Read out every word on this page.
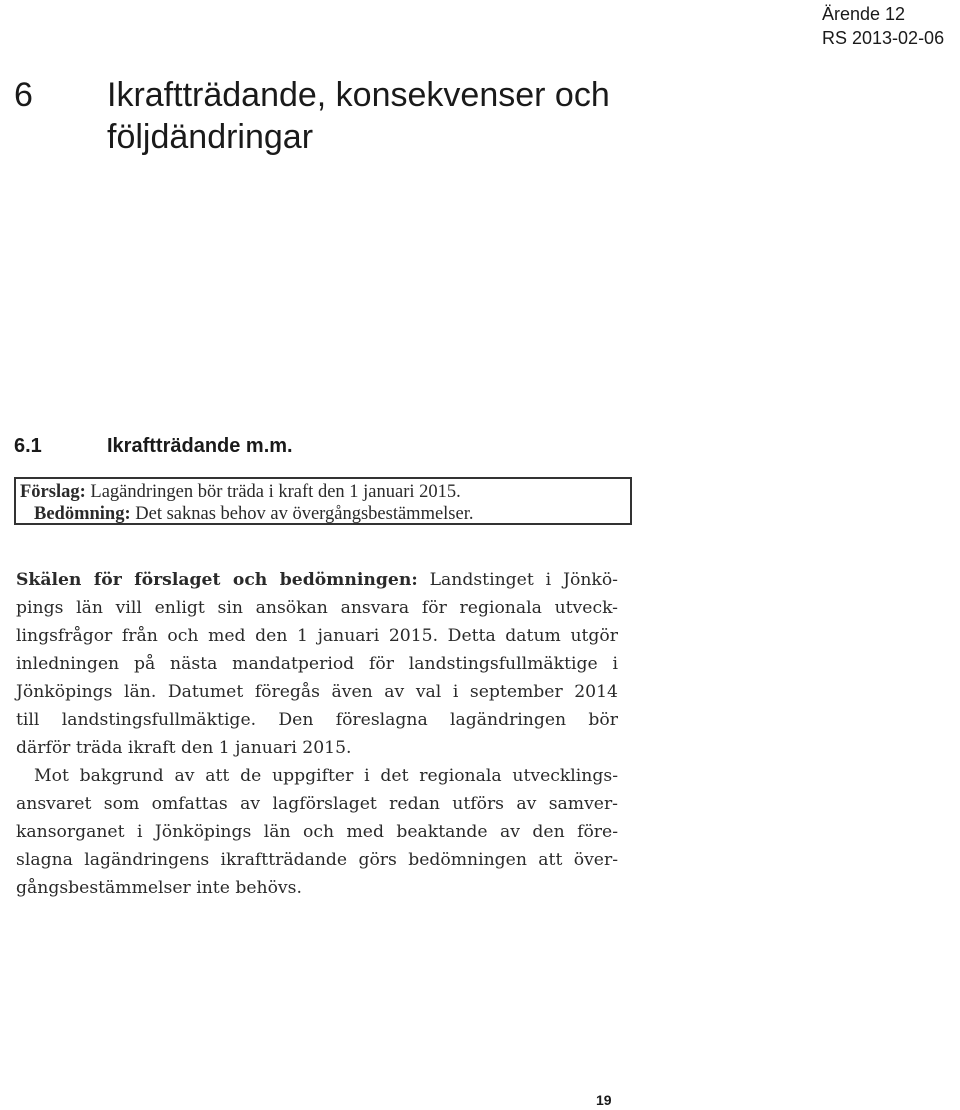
Ärende 12
RS 2013-02-06
6 Ikraftträdande, konsekvenser och följdändringar
6.1	Ikraftträdande m.m.
Förslag: Lagändringen bör träda i kraft den 1 januari 2015.
Bedömning: Det saknas behov av övergångsbestämmelser.
Skälen för förslaget och bedömningen: Landstinget i Jönkö-
pings län vill enligt sin ansökan ansvara för regionala utveck-
lingsfrågor från och med den 1 januari 2015. Detta datum utgör
inledningen på nästa mandatperiod för landstingsfullmäktige i
Jönköpings län. Datumet föregås även av val i september 2014
till landstingsfullmäktige. Den föreslagna lagändringen bör
därför träda ikraft den 1 januari 2015.
Mot bakgrund av att de uppgifter i det regionala utvecklings-
ansvaret som omfattas av lagförslaget redan utförs av samver-
kansorganet i Jönköpings län och med beaktande av den före-
slagna lagändringens ikraftträdande görs bedömningen att över-
gångsbestämmelser inte behövs.
19
